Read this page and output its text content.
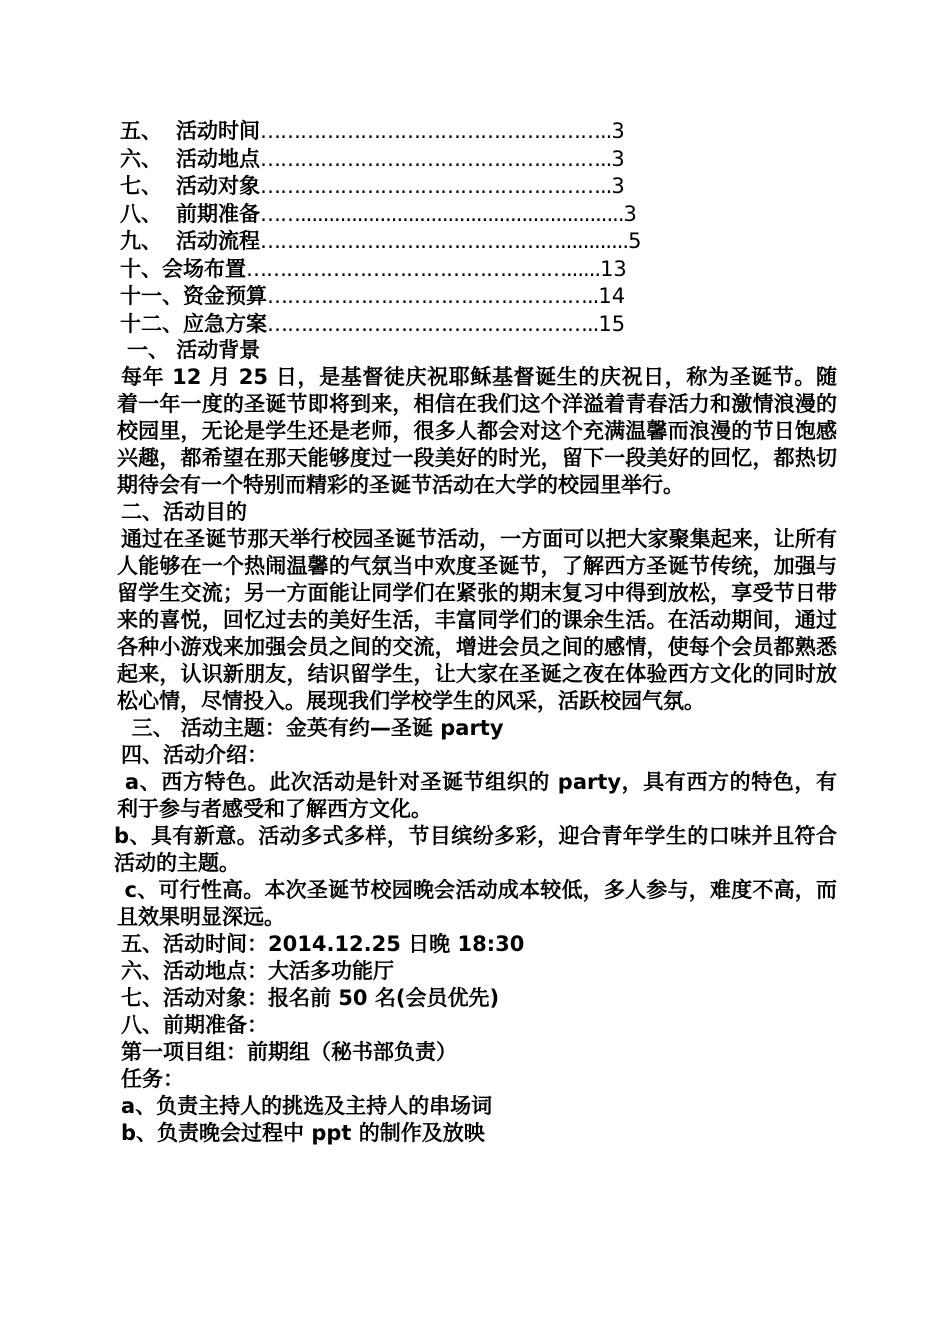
五、 活动时间 …………………………………………….. 3
六、 活动地点 …………………………………………….. 3
七、 活动对象 …………………………………………….. 3
八、 前期准备 ……......................................................... 3
九、 活动流程 ………………………………………............ 5
十、 会场布置 …………………………………………...... 13
十一、 资金预算 ………………………………………….. 14
十二、 应急方案 ………………………………………….. 15

一、 活动背景

每年 12 月 25 日，是基督徒庆祝耶稣基督诞生的庆祝日，称为圣诞节。随着一年一度的圣诞节即将到来，相信在我们这个洋溢着青春活力和激情浪漫的校园里，无论是学生还是老师，很多人都会对这个充满温馨而浪漫的节日饱感兴趣，都希望在那天能够度过一段美好的时光，留下一段美好的回忆，都热切期待会有一个特别而精彩的圣诞节活动在大学的校园里举行。

二、活动目的

通过在圣诞节那天举行校园圣诞节活动，一方面可以把大家聚集起来，让所有人能够在一个热闹温馨的气氛当中欢度圣诞节，了解西方圣诞节传统，加强与留学生交流；另一方面能让同学们在紧张的期末复习中得到放松，享受节日带来的喜悦，回忆过去的美好生活，丰富同学们的课余生活。在活动期间，通过各种小游戏来加强会员之间的交流，增进会员之间的感情，使每个会员都熟悉起来，认识新朋友，结识留学生，让大家在圣诞之夜在体验西方文化的同时放松心情，尽情投入。展现我们学校学生的风采，活跃校园气氛。

三、 活动主题：金英有约—圣诞 party

四、活动介绍：

a、西方特色。此次活动是针对圣诞节组织的 party，具有西方的特色，有利于参与者感受和了解西方文化。

b、具有新意。活动多式多样，节目缤纷多彩，迎合青年学生的口味并且符合活动的主题。

c、可行性高。本次圣诞节校园晚会活动成本较低，多人参与，难度不高，而且效果明显深远。

五、活动时间：2014.12.25 日晚 18:30

六、活动地点：大活多功能厅

七、活动对象：报名前 50 名(会员优先)

八、前期准备：

第一项目组：前期组（秘书部负责）

任务：

a、负责主持人的挑选及主持人的串场词

b、负责晚会过程中 ppt 的制作及放映
